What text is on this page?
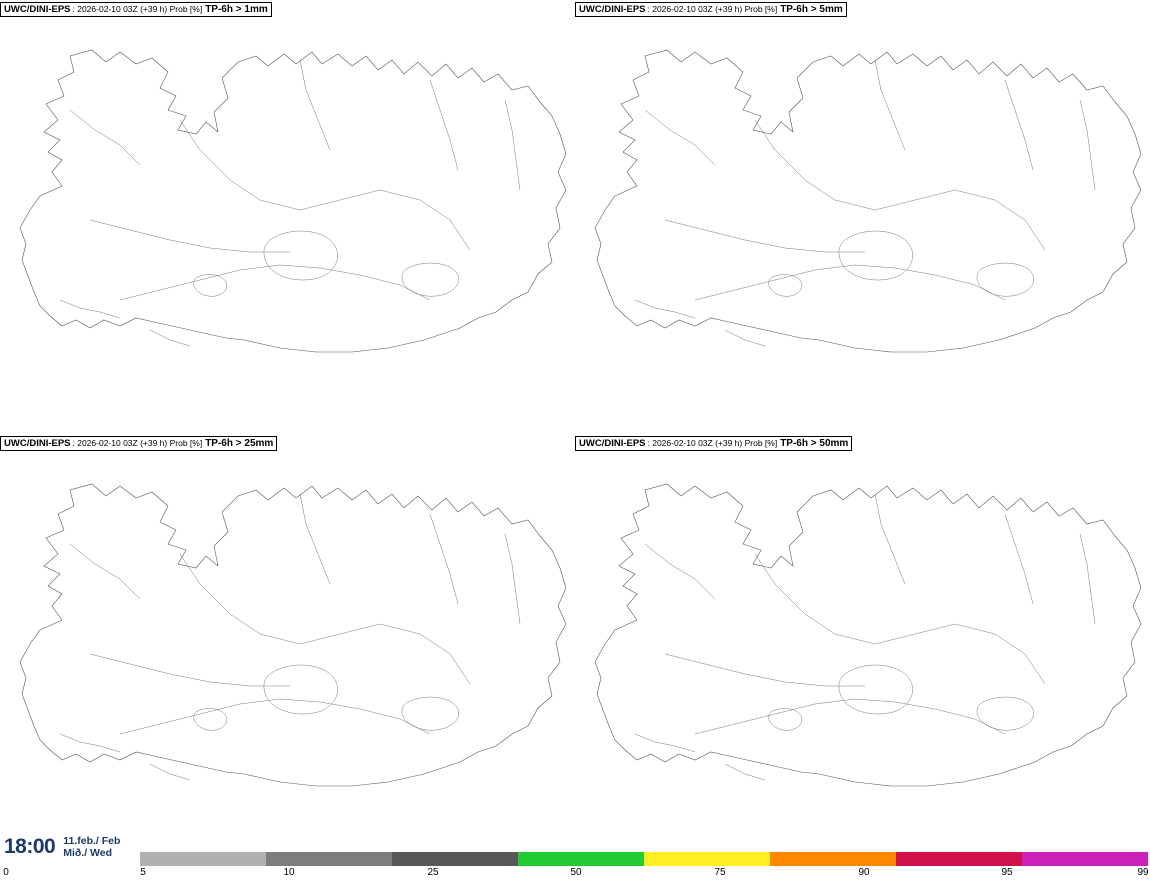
UWC/DINI-EPS : 2026-02-10 03Z (+39 h) Prob [%] TP-6h > 1mm	UWC/DINI-EPS : 2026-02-10 03Z (+39 h) Prob [%] TP-6h > 5mm
UWC/DINI-EPS : 2026-02-10 03Z (+39 h) Prob [%] TP-6h > 25mm	UWC/DINI-EPS : 2026-02-10 03Z (+39 h) Prob [%] TP-6h > 50mm
18:00 11.feb./ Feb
Mið./ Wed
0	5	10	25	50	75	90	95	99
